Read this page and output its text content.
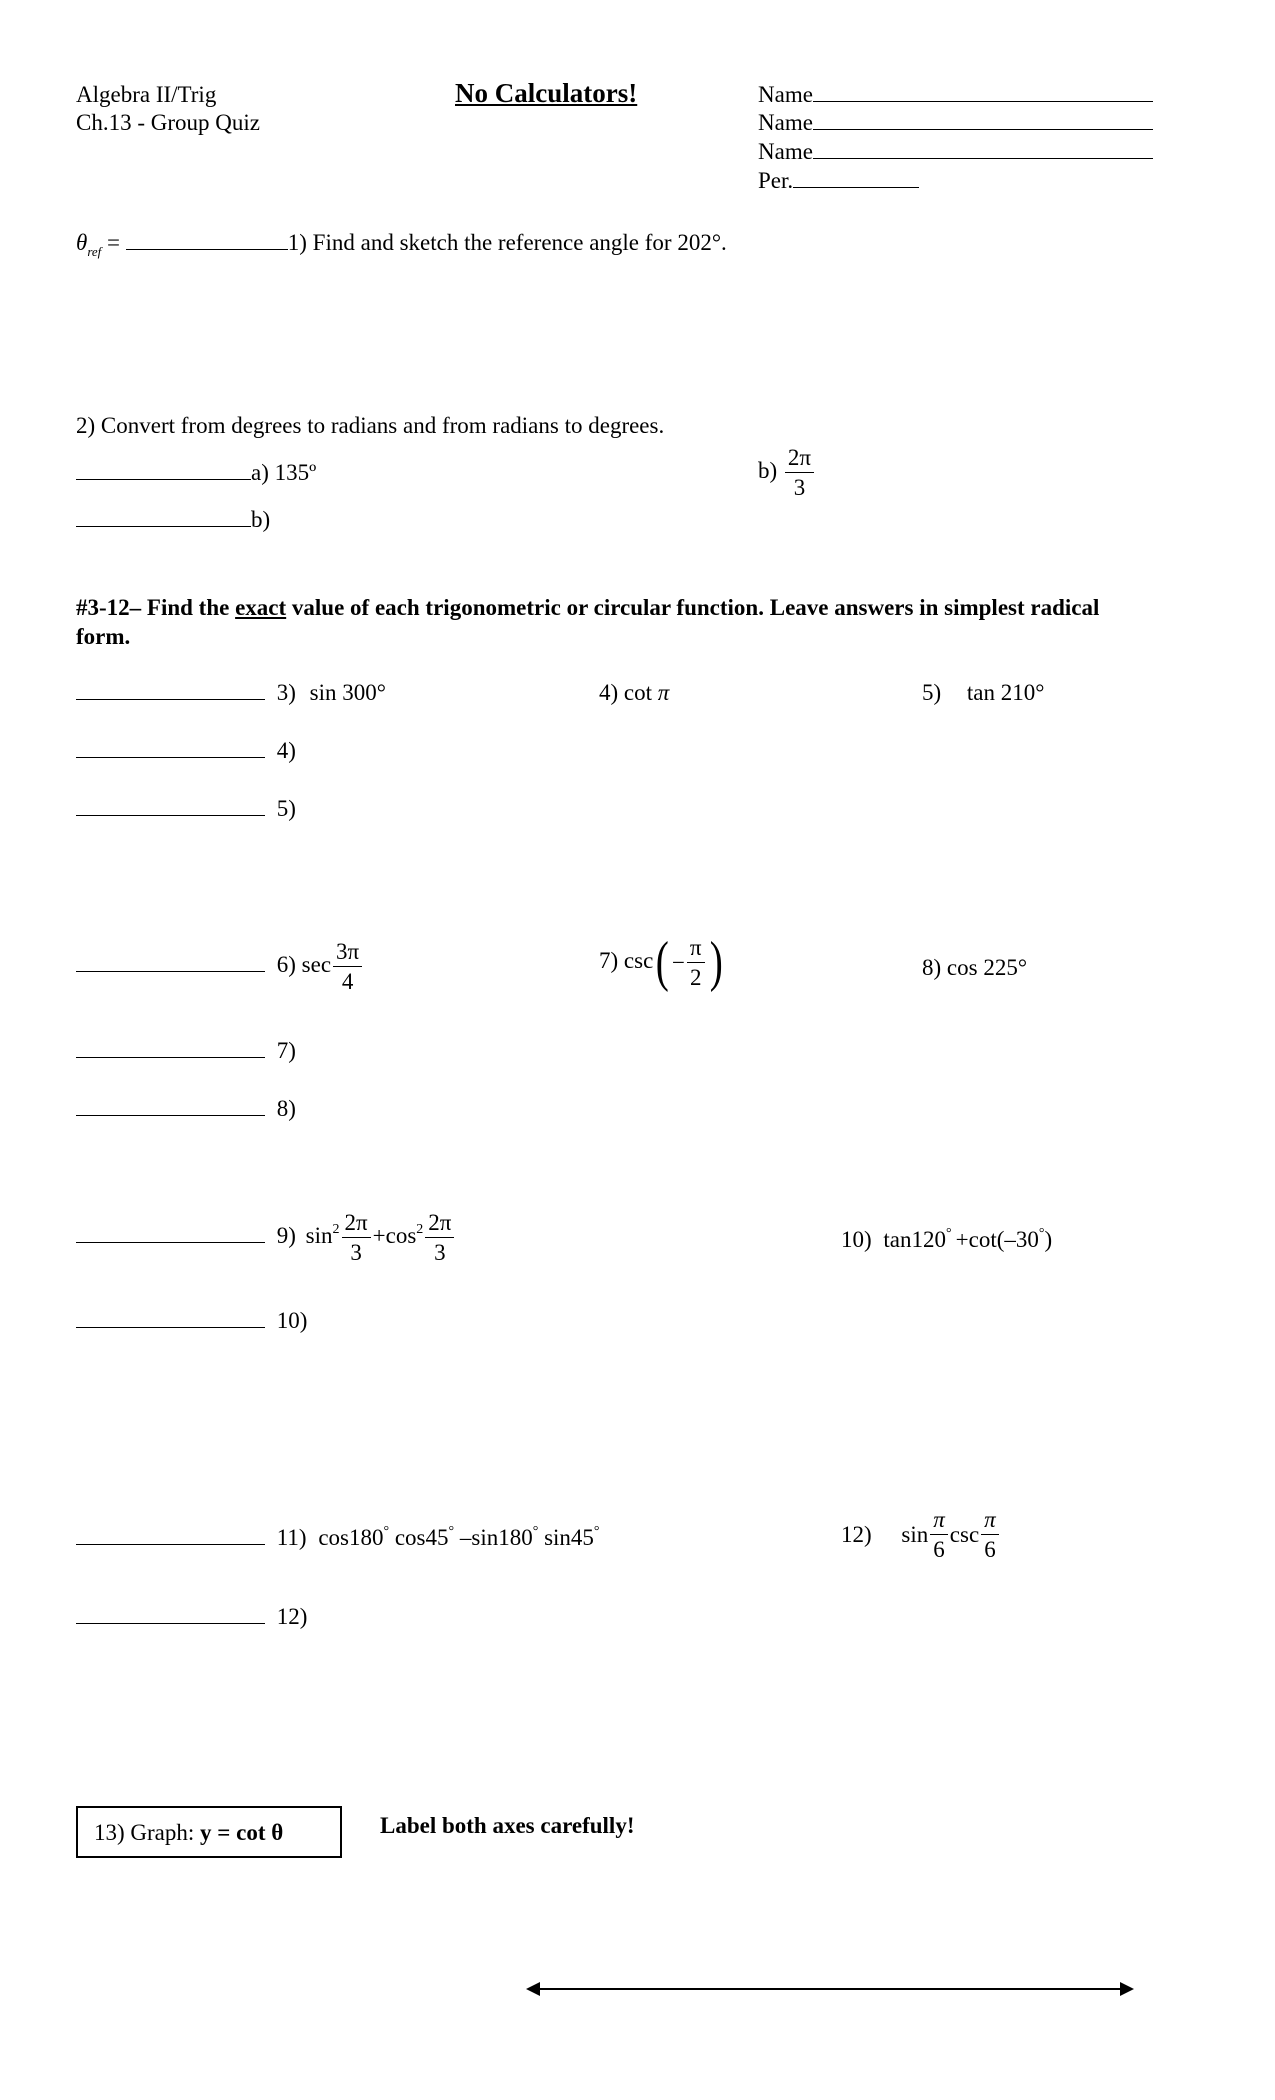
Algebra II/Trig
Ch.13 - Group Quiz
No Calculators!	Name
Name
Name
Per.
$\theta_{ref}$ =	1) Find and sketch the reference angle for 202°.
2) Convert from degrees to radians and from radians to degrees.
a) 135º
b)
$b) \frac{2\pi}{3}$
#3-12– Find the exact value of each trigonometric or circular function. Leave answers in simplest radical
form.
3) sin 300°	4) cot π	5) tan 210°
4)
5)
6) $\sec \frac{3\pi}{4}$	7) $\csc( - \frac{\pi}{2}$ )	8) cos 225°
7)
8)
9) $\sin^2 \frac{2\pi}{3} +\cos^2 \frac{2\pi}{3}$	10) tan120° +cot(–30°)
10)
11) cos180° cos45° –sin180° sin45°	12) $\sin \frac{\pi}{6}$ $\csc \frac{\pi}{6}$
12)
13) Graph: y = cot θ	Label both axes carefully!
